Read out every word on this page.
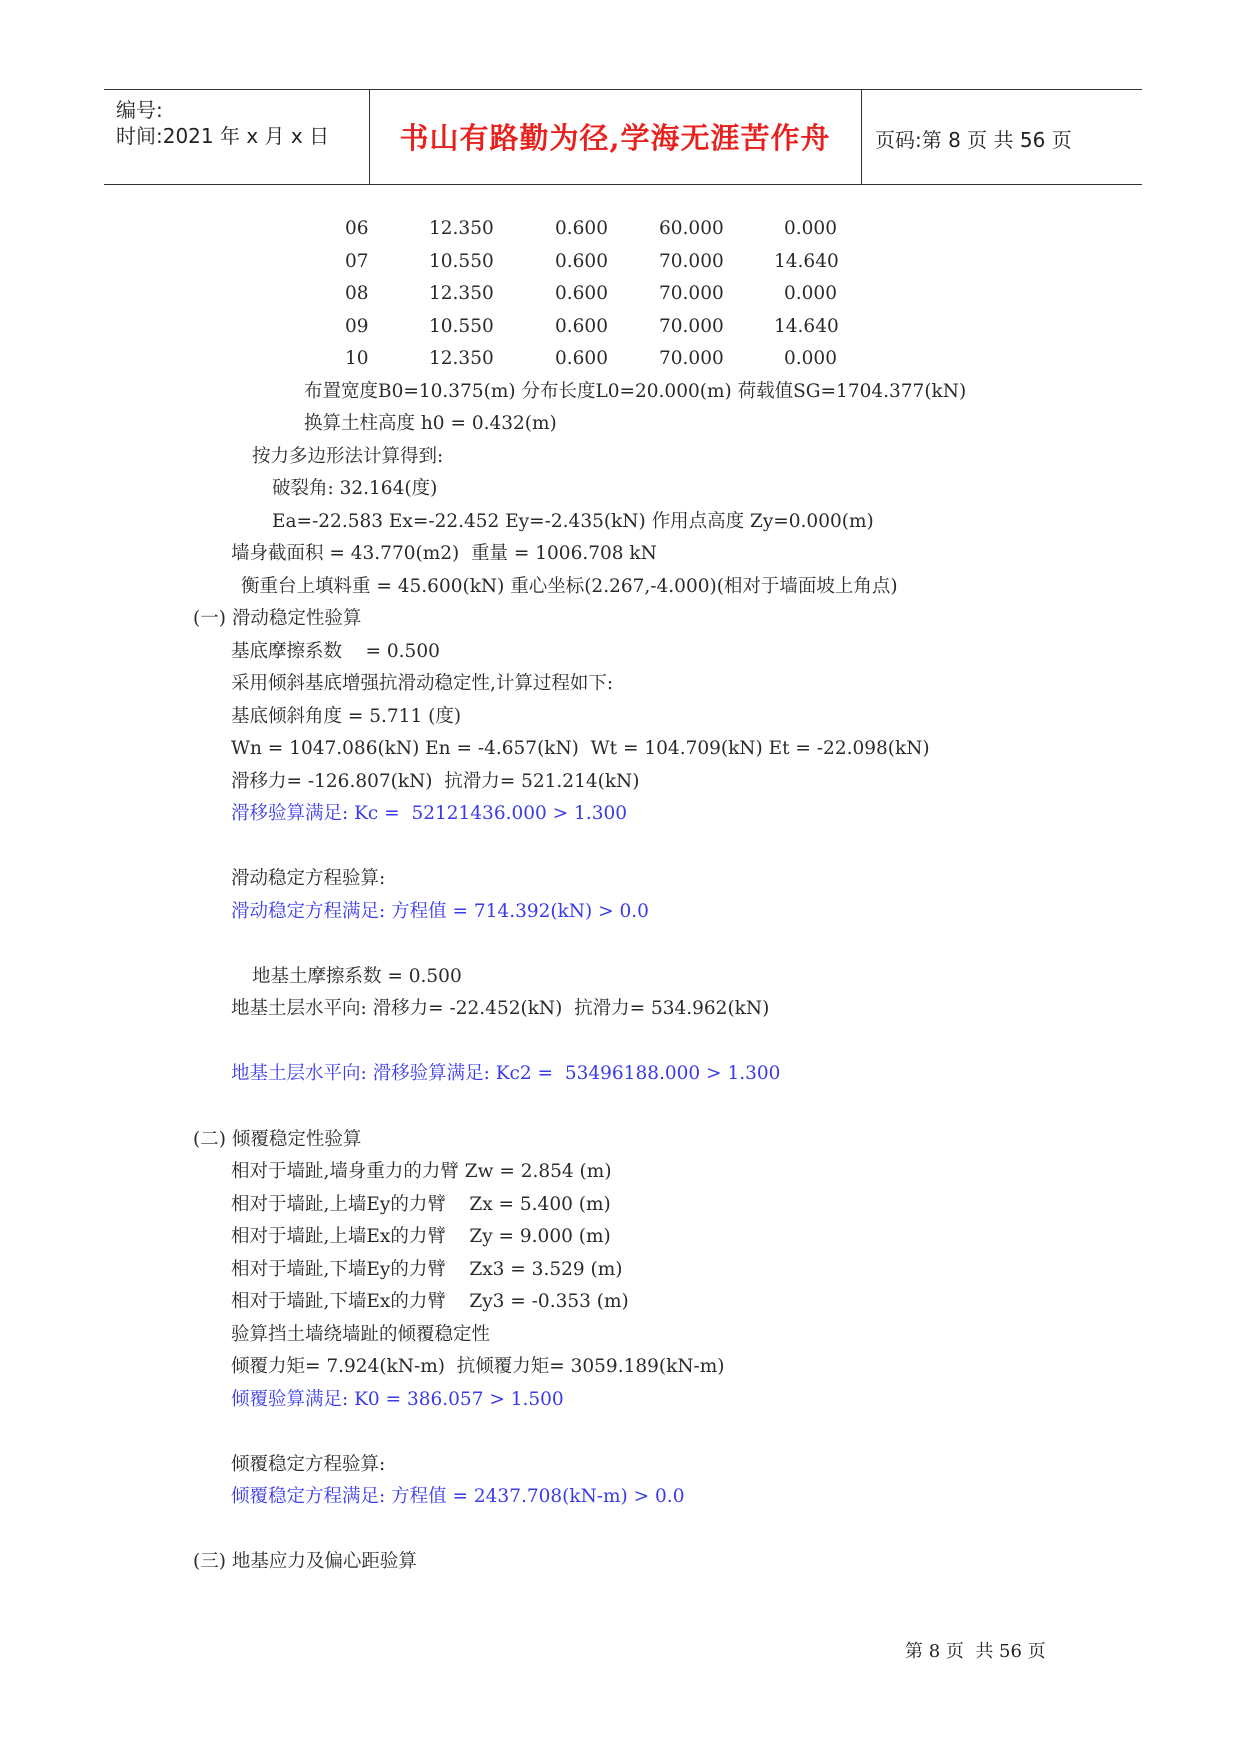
编号:
时间:2021 年 x 月 x 日	书山有路勤为径,学海无涯苦作舟	页码:第 8 页 共 56 页
06	12.350	0.600	60.000	0.000
07	10.550	0.600	70.000	14.640
08	12.350	0.600	70.000	0.000
09	10.550	0.600	70.000	14.640
10	12.350	0.600	70.000	0.000
布置宽度B0=10.375(m) 分布长度L0=20.000(m) 荷载值SG=1704.377(kN)
换算土柱高度 h0 = 0.432(m)
按力多边形法计算得到:
破裂角: 32.164(度)
Ea=-22.583 Ex=-22.452 Ey=-2.435(kN) 作用点高度 Zy=0.000(m)
墙身截面积 = 43.770(m2)  重量 = 1006.708 kN
衡重台上填料重 = 45.600(kN) 重心坐标(2.267,-4.000)(相对于墙面坡上角点)
(一) 滑动稳定性验算
基底摩擦系数    = 0.500
采用倾斜基底增强抗滑动稳定性,计算过程如下:
基底倾斜角度 = 5.711 (度)
Wn = 1047.086(kN) En = -4.657(kN)  Wt = 104.709(kN) Et = -22.098(kN)
滑移力= -126.807(kN)  抗滑力= 521.214(kN)
滑移验算满足: Kc =  52121436.000 > 1.300
滑动稳定方程验算:
滑动稳定方程满足: 方程值 = 714.392(kN) > 0.0
地基土摩擦系数 = 0.500
地基土层水平向: 滑移力= -22.452(kN)  抗滑力= 534.962(kN)
地基土层水平向: 滑移验算满足: Kc2 =  53496188.000 > 1.300
(二) 倾覆稳定性验算
相对于墙趾,墙身重力的力臂 Zw = 2.854 (m)
相对于墙趾,上墙Ey的力臂    Zx = 5.400 (m)
相对于墙趾,上墙Ex的力臂    Zy = 9.000 (m)
相对于墙趾,下墙Ey的力臂    Zx3 = 3.529 (m)
相对于墙趾,下墙Ex的力臂    Zy3 = -0.353 (m)
验算挡土墙绕墙趾的倾覆稳定性
倾覆力矩= 7.924(kN-m)  抗倾覆力矩= 3059.189(kN-m)
倾覆验算满足: K0 = 386.057 > 1.500
倾覆稳定方程验算:
倾覆稳定方程满足: 方程值 = 2437.708(kN-m) > 0.0
(三) 地基应力及偏心距验算
第 8 页  共 56 页
